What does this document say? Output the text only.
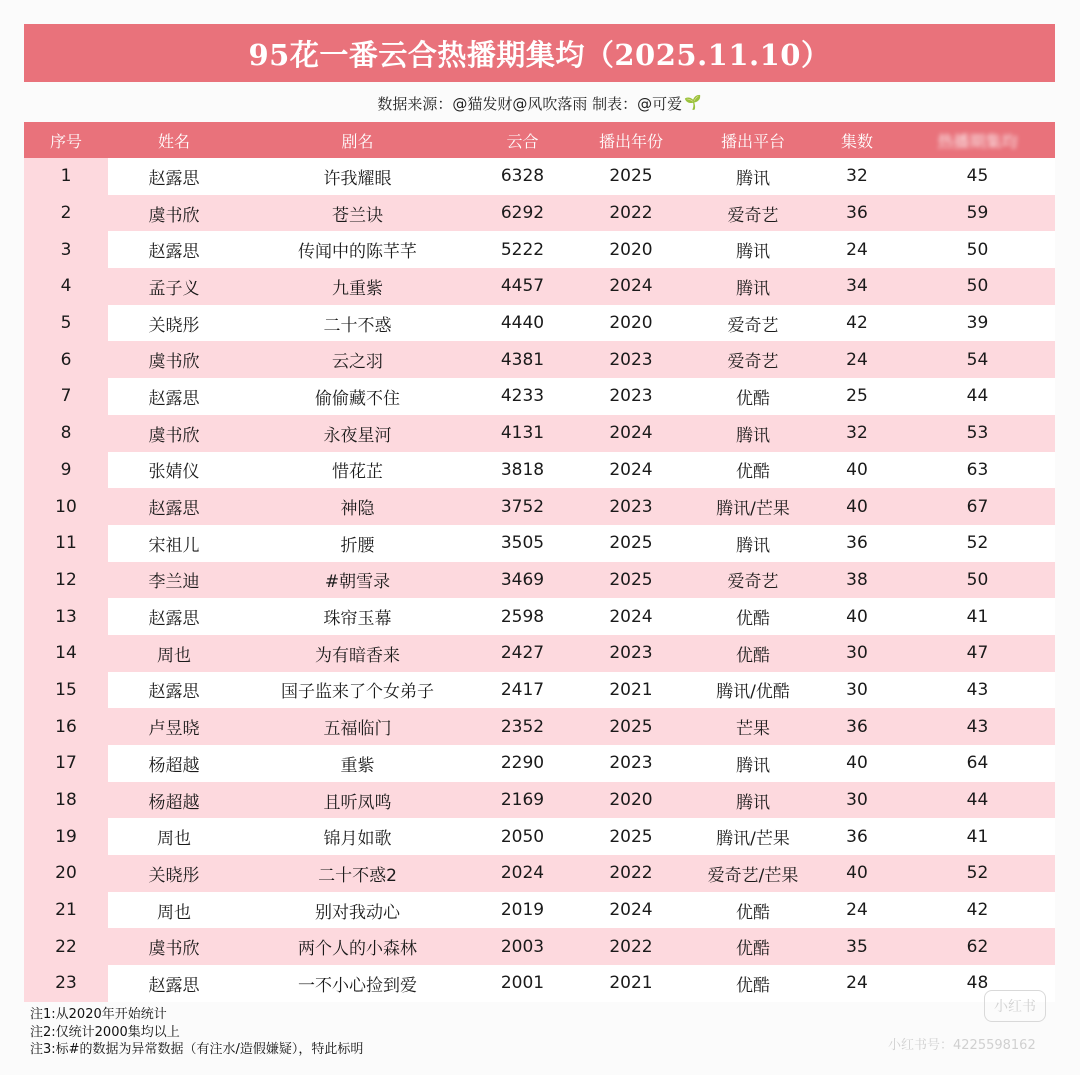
95花一番云合热播期集均（2025.11.10）
数据来源：@猫发财@风吹落雨 制表：@可爱 🌱
序号	姓名	剧名	云合	播出年份	播出平台	集数	热播期集均
1	赵露思	许我耀眼	6328	2025	腾讯	32	45
2	虞书欣	苍兰诀	6292	2022	爱奇艺	36	59
3	赵露思	传闻中的陈芊芊	5222	2020	腾讯	24	50
4	孟子义	九重紫	4457	2024	腾讯	34	50
5	关晓彤	二十不惑	4440	2020	爱奇艺	42	39
6	虞书欣	云之羽	4381	2023	爱奇艺	24	54
7	赵露思	偷偷藏不住	4233	2023	优酷	25	44
8	虞书欣	永夜星河	4131	2024	腾讯	32	53
9	张婧仪	惜花芷	3818	2024	优酷	40	63
10	赵露思	神隐	3752	2023	腾讯/芒果	40	67
11	宋祖儿	折腰	3505	2025	腾讯	36	52
12	李兰迪	#朝雪录	3469	2025	爱奇艺	38	50
13	赵露思	珠帘玉幕	2598	2024	优酷	40	41
14	周也	为有暗香来	2427	2023	优酷	30	47
15	赵露思	国子监来了个女弟子	2417	2021	腾讯/优酷	30	43
16	卢昱晓	五福临门	2352	2025	芒果	36	43
17	杨超越	重紫	2290	2023	腾讯	40	64
18	杨超越	且听凤鸣	2169	2020	腾讯	30	44
19	周也	锦月如歌	2050	2025	腾讯/芒果	36	41
20	关晓彤	二十不惑2	2024	2022	爱奇艺/芒果	40	52
21	周也	别对我动心	2019	2024	优酷	24	42
22	虞书欣	两个人的小森林	2003	2022	优酷	35	62
23	赵露思	一不小心捡到爱	2001	2021	优酷	24	48
注1:从2020年开始统计
注2:仅统计2000集均以上
注3:标#的数据为异常数据（有注水/造假嫌疑），特此标明
小红书
小红书号：4225598162
